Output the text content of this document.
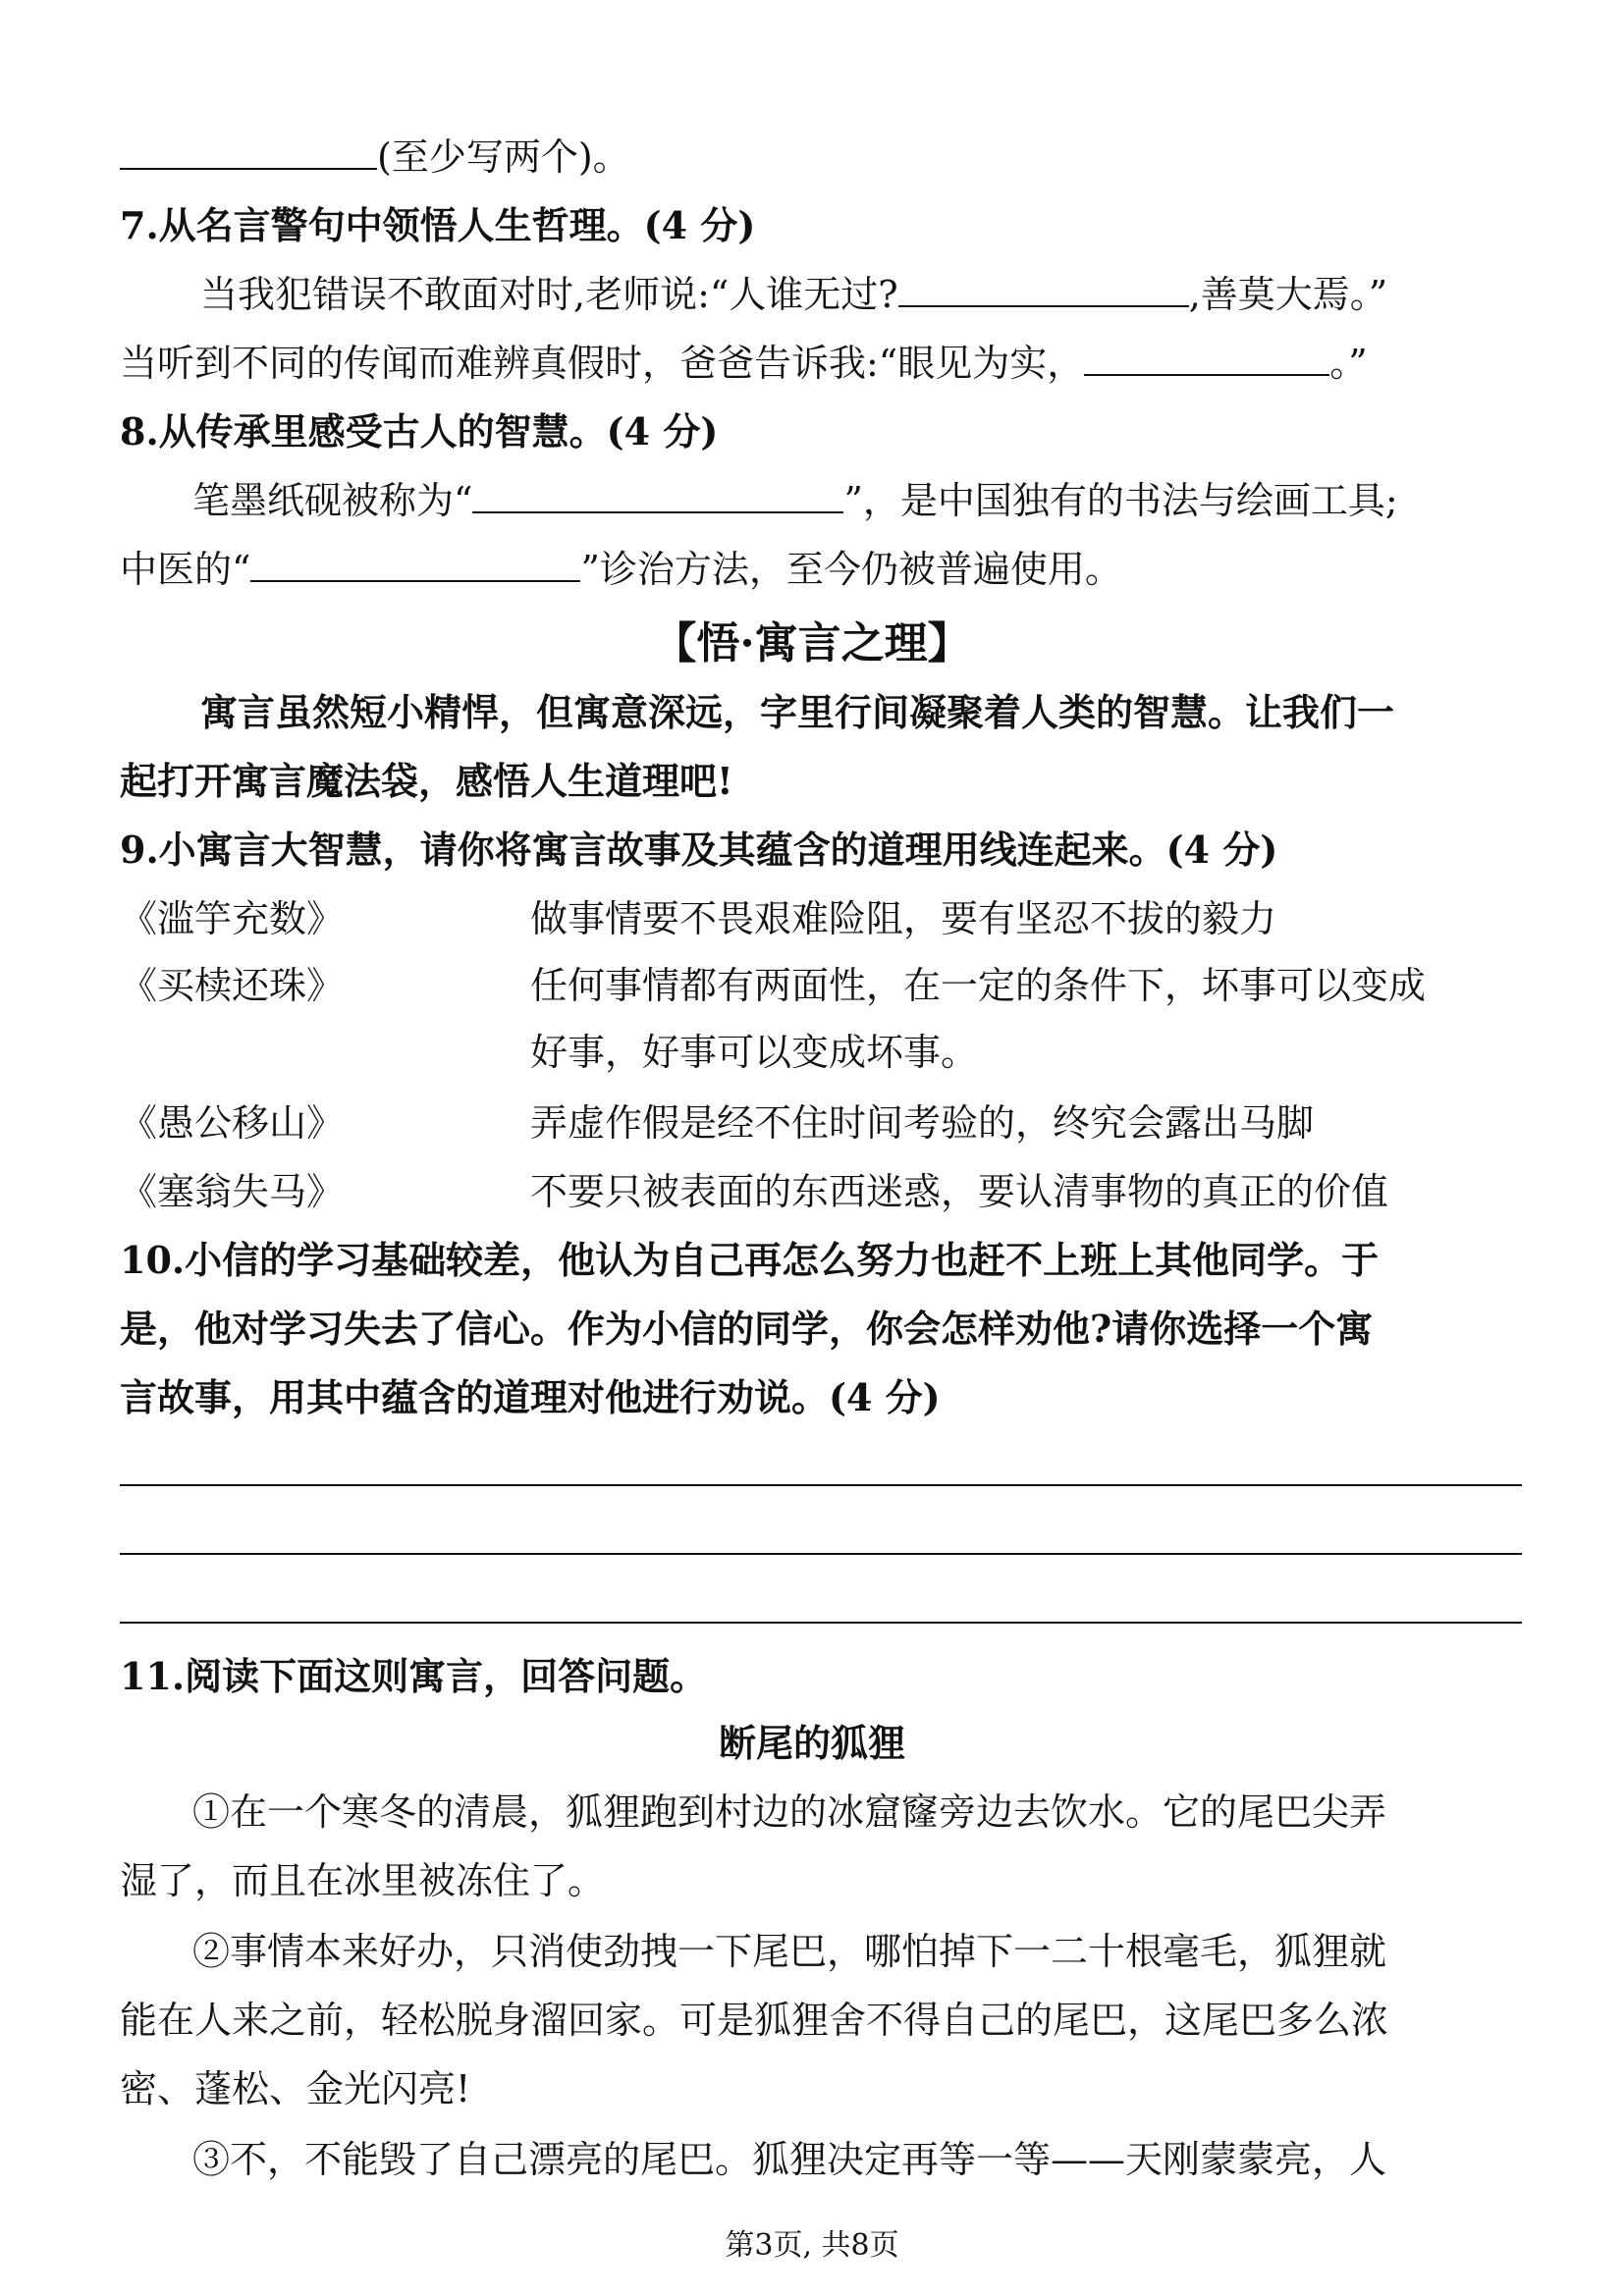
(至少写两个)。
7.从名言警句中领悟人生哲理。(4 分)
当我犯错误不敢面对时,老师说:“人谁无过?	,善莫大焉。”
当听到不同的传闻而难辨真假时，爸爸告诉我:“眼见为实，	。”
8.从传承里感受古人的智慧。(4 分)
笔墨纸砚被称为“	”，是中国独有的书法与绘画工具;
中医的“	”诊治方法，至今仍被普遍使用。
【悟·寓言之理】
寓言虽然短小精悍，但寓意深远，字里行间凝聚着人类的智慧。让我们一
起打开寓言魔法袋，感悟人生道理吧!
9.小寓言大智慧，请你将寓言故事及其蕴含的道理用线连起来。(4 分)
《滥竽充数》	做事情要不畏艰难险阻，要有坚忍不拔的毅力
《买椟还珠》	任何事情都有两面性，在一定的条件下，坏事可以变成
好事，好事可以变成坏事。
《愚公移山》	弄虚作假是经不住时间考验的，终究会露出马脚
《塞翁失马》	不要只被表面的东西迷惑，要认清事物的真正的价值
10.小信的学习基础较差，他认为自己再怎么努力也赶不上班上其他同学。于
是，他对学习失去了信心。作为小信的同学，你会怎样劝他?请你选择一个寓
言故事，用其中蕴含的道理对他进行劝说。(4 分)
11.阅读下面这则寓言，回答问题。
断尾的狐狸
①在一个寒冬的清晨，狐狸跑到村边的冰窟窿旁边去饮水。它的尾巴尖弄
湿了，而且在冰里被冻住了。
②事情本来好办，只消使劲拽一下尾巴，哪怕掉下一二十根毫毛，狐狸就
能在人来之前，轻松脱身溜回家。可是狐狸舍不得自己的尾巴，这尾巴多么浓
密、蓬松、金光闪亮!
③不，不能毁了自己漂亮的尾巴。狐狸决定再等一等——天刚蒙蒙亮，人
第3页, 共8页
